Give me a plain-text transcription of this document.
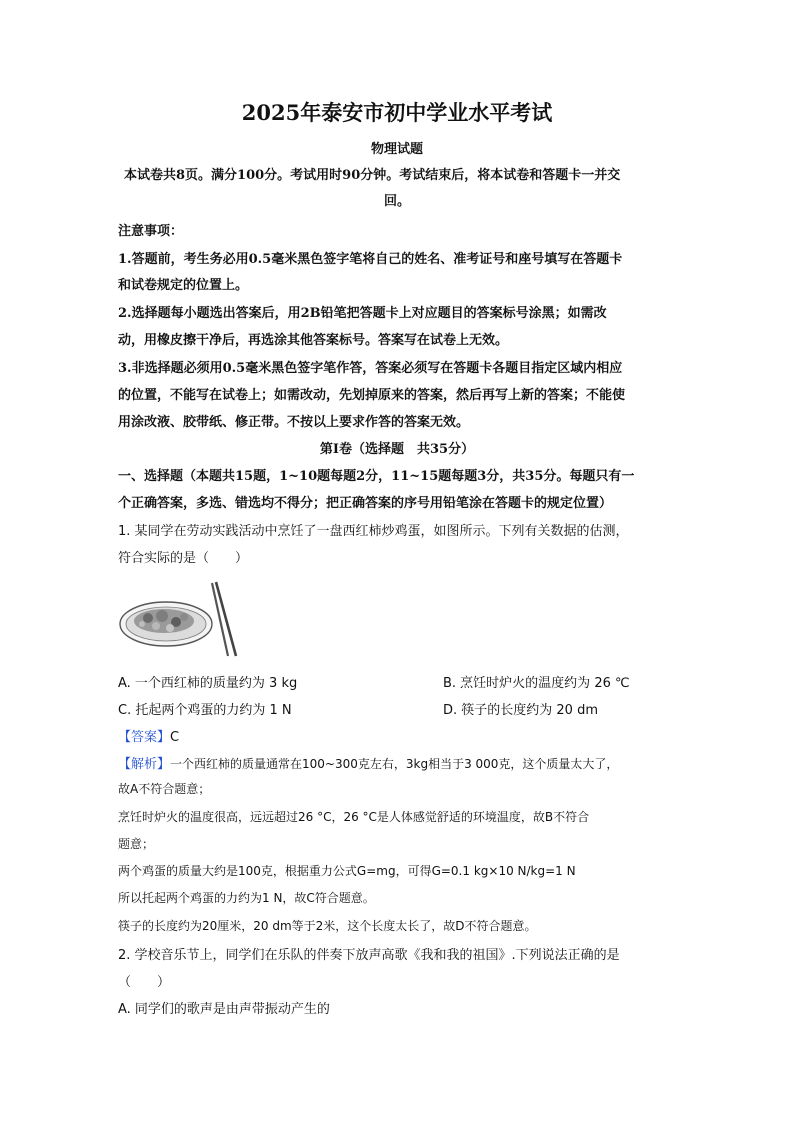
2025年泰安市初中学业水平考试
物理试题
本试卷共8页。满分100分。考试用时90分钟。考试结束后，将本试卷和答题卡一并交
回。
注意事项：
1.答题前，考生务必用0.5毫米黑色签字笔将自己的姓名、准考证号和座号填写在答题卡
和试卷规定的位置上。
2.选择题每小题选出答案后，用2B铅笔把答题卡上对应题目的答案标号涂黑；如需改
动，用橡皮擦干净后，再选涂其他答案标号。答案写在试卷上无效。
3.非选择题必须用0.5毫米黑色签字笔作答，答案必须写在答题卡各题目指定区域内相应
的位置，不能写在试卷上；如需改动，先划掉原来的答案，然后再写上新的答案；不能使
用涂改液、胶带纸、修正带。不按以上要求作答的答案无效。
第Ⅰ卷（选择题　共35分）
一、选择题（本题共15题，1~10题每题2分，11~15题每题3分，共35分。每题只有一
个正确答案，多选、错选均不得分；把正确答案的序号用铅笔涂在答题卡的规定位置）
1. 某同学在劳动实践活动中烹饪了一盘西红柿炒鸡蛋，如图所示。下列有关数据的估测，
符合实际的是（　　）
A. 一个西红柿的质量约为 3 kg	B. 烹饪时炉火的温度约为 26 ℃
C. 托起两个鸡蛋的力约为 1 N	D. 筷子的长度约为 20 dm
【答案】C
【解析】一个西红柿的质量通常在100~300克左右，3kg相当于3 000克，这个质量太大了，
故A不符合题意；
烹饪时炉火的温度很高，远远超过26 °C，26 °C是人体感觉舒适的环境温度，故B不符合
题意；
两个鸡蛋的质量大约是100克，根据重力公式G=mg，可得G=0.1 kg×10 N/kg=1 N
所以托起两个鸡蛋的力约为1 N，故C符合题意。
筷子的长度约为20厘米，20 dm等于2米，这个长度太长了，故D不符合题意。
2. 学校音乐节上，同学们在乐队的伴奏下放声高歌《我和我的祖国》.下列说法正确的是
（　　）
A. 同学们的歌声是由声带振动产生的
